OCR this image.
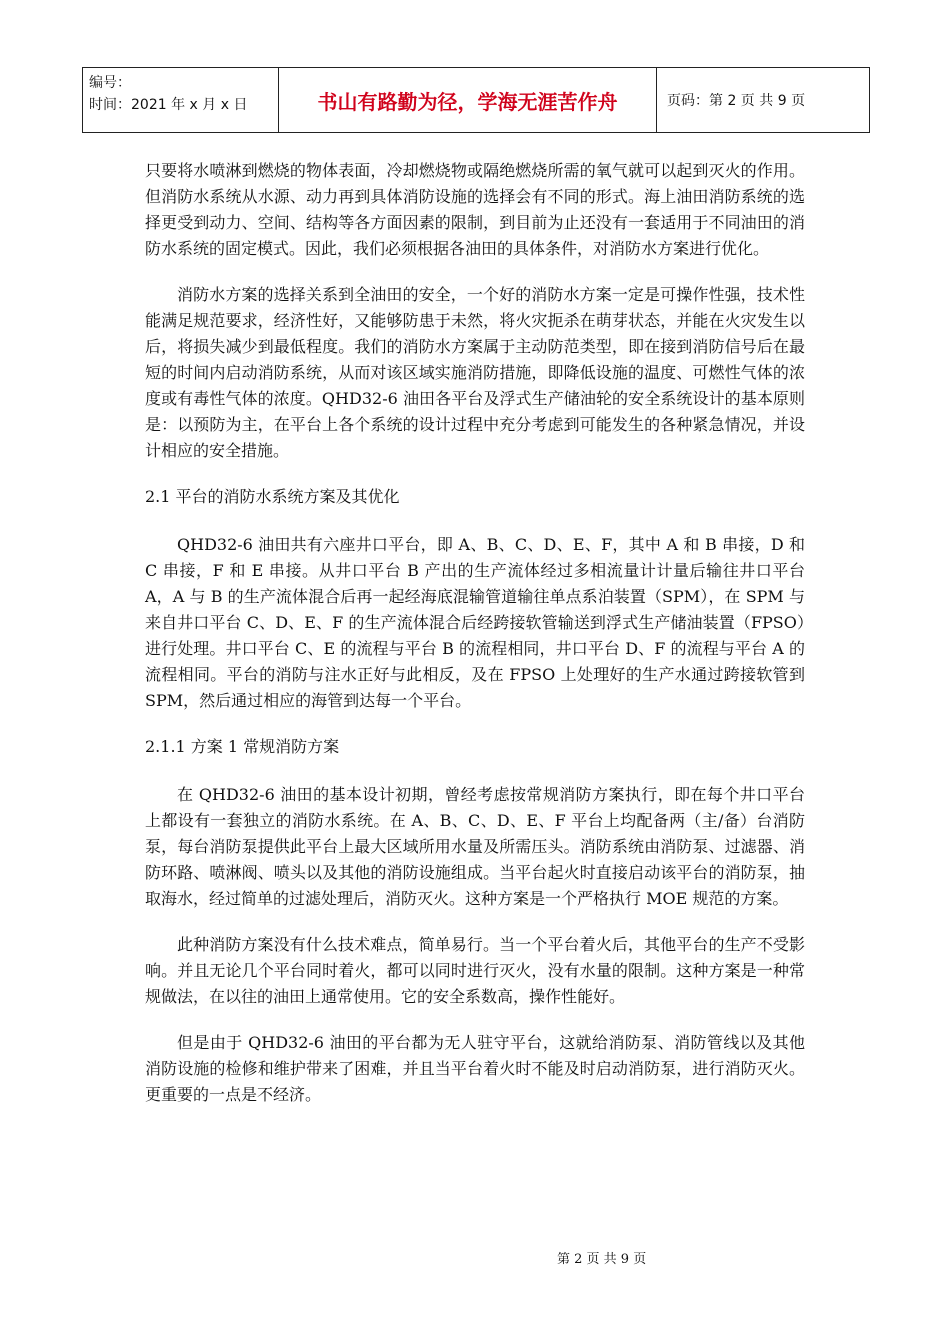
编号：
时间：2021 年 x 月 x 日	书山有路勤为径，学海无涯苦作舟	页码：第 2 页 共 9 页

只要将水喷淋到燃烧的物体表面，冷却燃烧物或隔绝燃烧所需的氧气就可以起到灭火的作用。但消防水系统从水源、动力再到具体消防设施的选择会有不同的形式。海上油田消防系统的选择更受到动力、空间、结构等各方面因素的限制，到目前为止还没有一套适用于不同油田的消防水系统的固定模式。因此，我们必须根据各油田的具体条件，对消防水方案进行优化。

消防水方案的选择关系到全油田的安全，一个好的消防水方案一定是可操作性强，技术性能满足规范要求，经济性好，又能够防患于未然，将火灾扼杀在萌芽状态，并能在火灾发生以后，将损失减少到最低程度。我们的消防水方案属于主动防范类型，即在接到消防信号后在最短的时间内启动消防系统，从而对该区域实施消防措施，即降低设施的温度、可燃性气体的浓度或有毒性气体的浓度。QHD32-6 油田各平台及浮式生产储油轮的安全系统设计的基本原则是：以预防为主，在平台上各个系统的设计过程中充分考虑到可能发生的各种紧急情况，并设计相应的安全措施。

2.1 平台的消防水系统方案及其优化

QHD32-6 油田共有六座井口平台，即 A、B、C、D、E、F，其中 A 和 B 串接，D 和 C 串接，F 和 E 串接。从井口平台 B 产出的生产流体经过多相流量计计量后输往井口平台 A，A 与 B 的生产流体混合后再一起经海底混输管道输往单点系泊装置（SPM），在 SPM 与来自井口平台 C、D、E、F 的生产流体混合后经跨接软管输送到浮式生产储油装置（FPSO）进行处理。井口平台 C、E 的流程与平台 B 的流程相同，井口平台 D、F 的流程与平台 A 的流程相同。平台的消防与注水正好与此相反，及在 FPSO 上处理好的生产水通过跨接软管到 SPM，然后通过相应的海管到达每一个平台。

2.1.1 方案 1 常规消防方案

在 QHD32-6 油田的基本设计初期，曾经考虑按常规消防方案执行，即在每个井口平台上都设有一套独立的消防水系统。在 A、B、C、D、E、F 平台上均配备两（主/备）台消防泵，每台消防泵提供此平台上最大区域所用水量及所需压头。消防系统由消防泵、过滤器、消防环路、喷淋阀、喷头以及其他的消防设施组成。当平台起火时直接启动该平台的消防泵，抽取海水，经过简单的过滤处理后，消防灭火。这种方案是一个严格执行 MOE 规范的方案。

此种消防方案没有什么技术难点，简单易行。当一个平台着火后，其他平台的生产不受影响。并且无论几个平台同时着火，都可以同时进行灭火，没有水量的限制。这种方案是一种常规做法，在以往的油田上通常使用。它的安全系数高，操作性能好。

但是由于 QHD32-6 油田的平台都为无人驻守平台，这就给消防泵、消防管线以及其他消防设施的检修和维护带来了困难，并且当平台着火时不能及时启动消防泵，进行消防灭火。更重要的一点是不经济。

第 2 页 共 9 页
